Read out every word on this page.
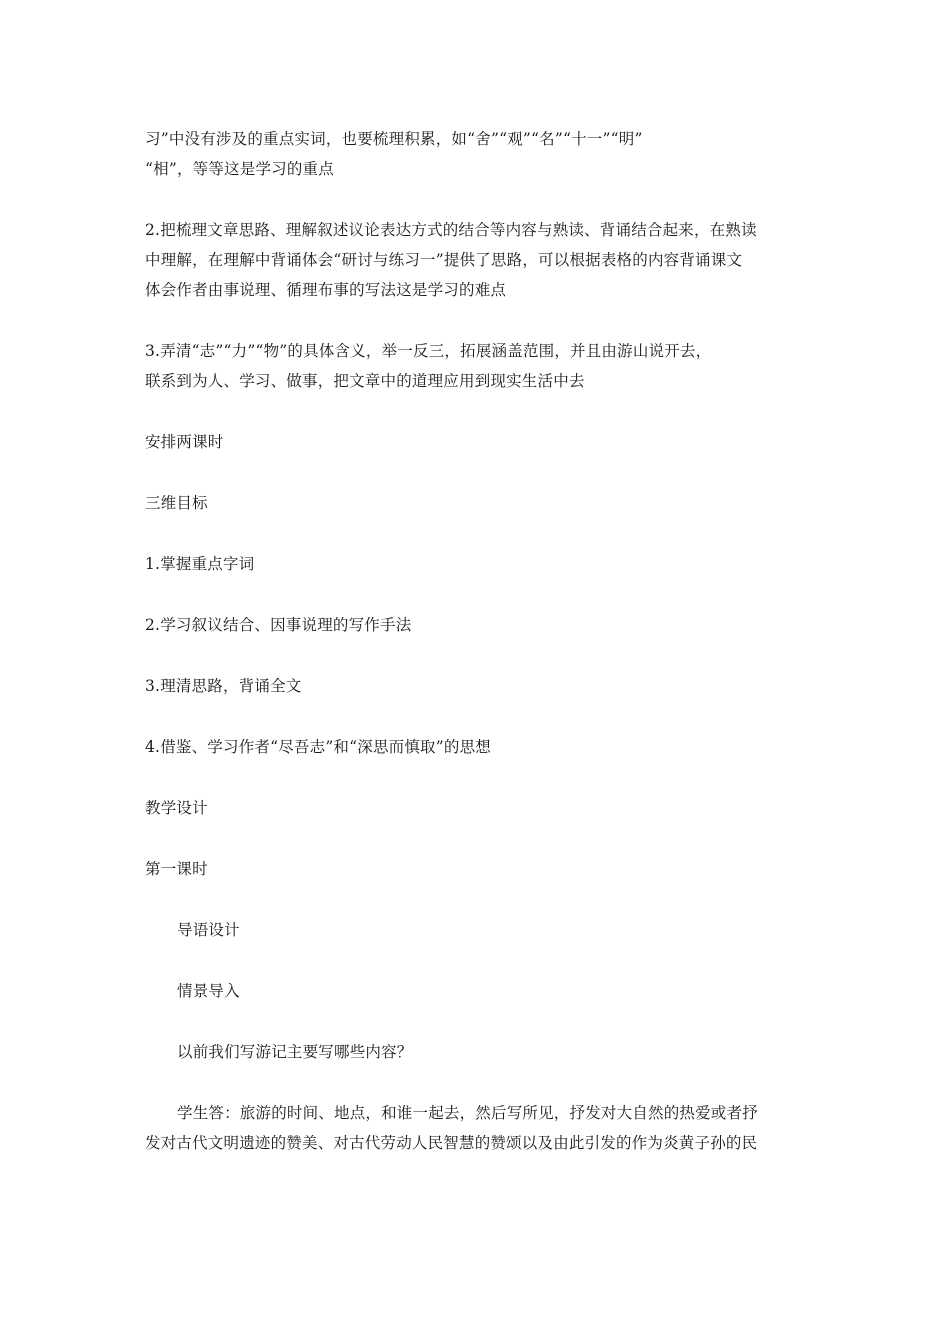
习”中没有涉及的重点实词，也要梳理积累，如“舍”“观”“名”“十一”“明”
“相”，等等这是学习的重点

2.把梳理文章思路、理解叙述议论表达方式的结合等内容与熟读、背诵结合起来，在熟读
中理解，在理解中背诵体会“研讨与练习一”提供了思路，可以根据表格的内容背诵课文
体会作者由事说理、循理布事的写法这是学习的难点

3.弄清“志”“力”“物”的具体含义，举一反三，拓展涵盖范围，并且由游山说开去，
联系到为人、学习、做事，把文章中的道理应用到现实生活中去

安排两课时

三维目标

1.掌握重点字词

2.学习叙议结合、因事说理的写作手法

3.理清思路，背诵全文

4.借鉴、学习作者“尽吾志”和“深思而慎取”的思想

教学设计

第一课时

导语设计

情景导入

以前我们写游记主要写哪些内容？

学生答：旅游的时间、地点，和谁一起去，然后写所见，抒发对大自然的热爱或者抒
发对古代文明遗迹的赞美、对古代劳动人民智慧的赞颂以及由此引发的作为炎黄子孙的民
